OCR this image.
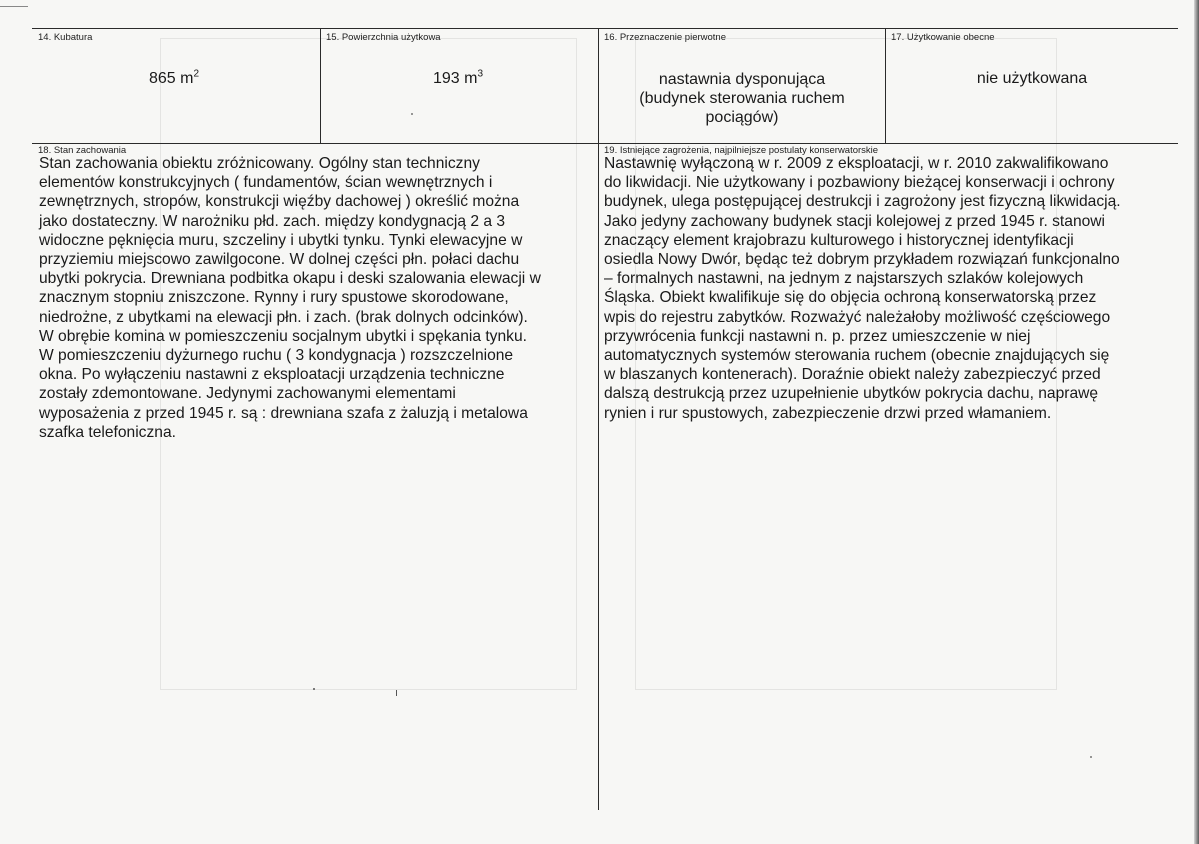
14. Kubatura
865 $m^2$
15. Powierzchnia użytkowa
193 $m^3$
16. Przeznaczenie pierwotne
nastawnia dysponująca
(budynek sterowania ruchem
pociągów)
17. Użytkowanie obecne
nie użytkowana
18. Stan zachowania
Stan zachowania obiektu zróżnicowany. Ogólny stan techniczny
elementów konstrukcyjnych ( fundamentów, ścian wewnętrznych i
zewnętrznych, stropów, konstrukcji więźby dachowej ) określić można
jako dostateczny. W narożniku płd. zach. między kondygnacją 2 a 3
widoczne pęknięcia muru, szczeliny i ubytki tynku. Tynki elewacyjne w
przyziemiu miejscowo zawilgocone. W dolnej części płn. połaci dachu
ubytki pokrycia. Drewniana podbitka okapu i deski szalowania elewacji w
znacznym stopniu zniszczone. Rynny i rury spustowe skorodowane,
niedrożne, z ubytkami na elewacji płn. i zach. (brak dolnych odcinków).
W obrębie komina w pomieszczeniu socjalnym ubytki i spękania tynku.
W pomieszczeniu dyżurnego ruchu ( 3 kondygnacja ) rozszczelnione
okna. Po wyłączeniu nastawni z eksploatacji urządzenia techniczne
zostały zdemontowane. Jedynymi zachowanymi elementami
wyposażenia z przed 1945 r. są : drewniana szafa z żaluzją i metalowa
szafka telefoniczna.
19. Istniejące zagrożenia, najpilniejsze postulaty konserwatorskie
Nastawnię wyłączoną w r. 2009 z eksploatacji, w r. 2010 zakwalifikowano
do likwidacji. Nie użytkowany i pozbawiony bieżącej konserwacji i ochrony
budynek, ulega postępującej destrukcji i zagrożony jest fizyczną likwidacją.
Jako jedyny zachowany budynek stacji kolejowej z przed 1945 r. stanowi
znaczący element krajobrazu kulturowego i historycznej identyfikacji
osiedla Nowy Dwór, będąc też dobrym przykładem rozwiązań funkcjonalno
– formalnych nastawni, na jednym z najstarszych szlaków kolejowych
Śląska. Obiekt kwalifikuje się do objęcia ochroną konserwatorską przez
wpis do rejestru zabytków. Rozważyć należałoby możliwość częściowego
przywrócenia funkcji nastawni n. p. przez umieszczenie w niej
automatycznych systemów sterowania ruchem (obecnie znajdujących się
w blaszanych kontenerach). Doraźnie obiekt należy zabezpieczyć przed
dalszą destrukcją przez uzupełnienie ubytków pokrycia dachu, naprawę
rynien i rur spustowych, zabezpieczenie drzwi przed włamaniem.
